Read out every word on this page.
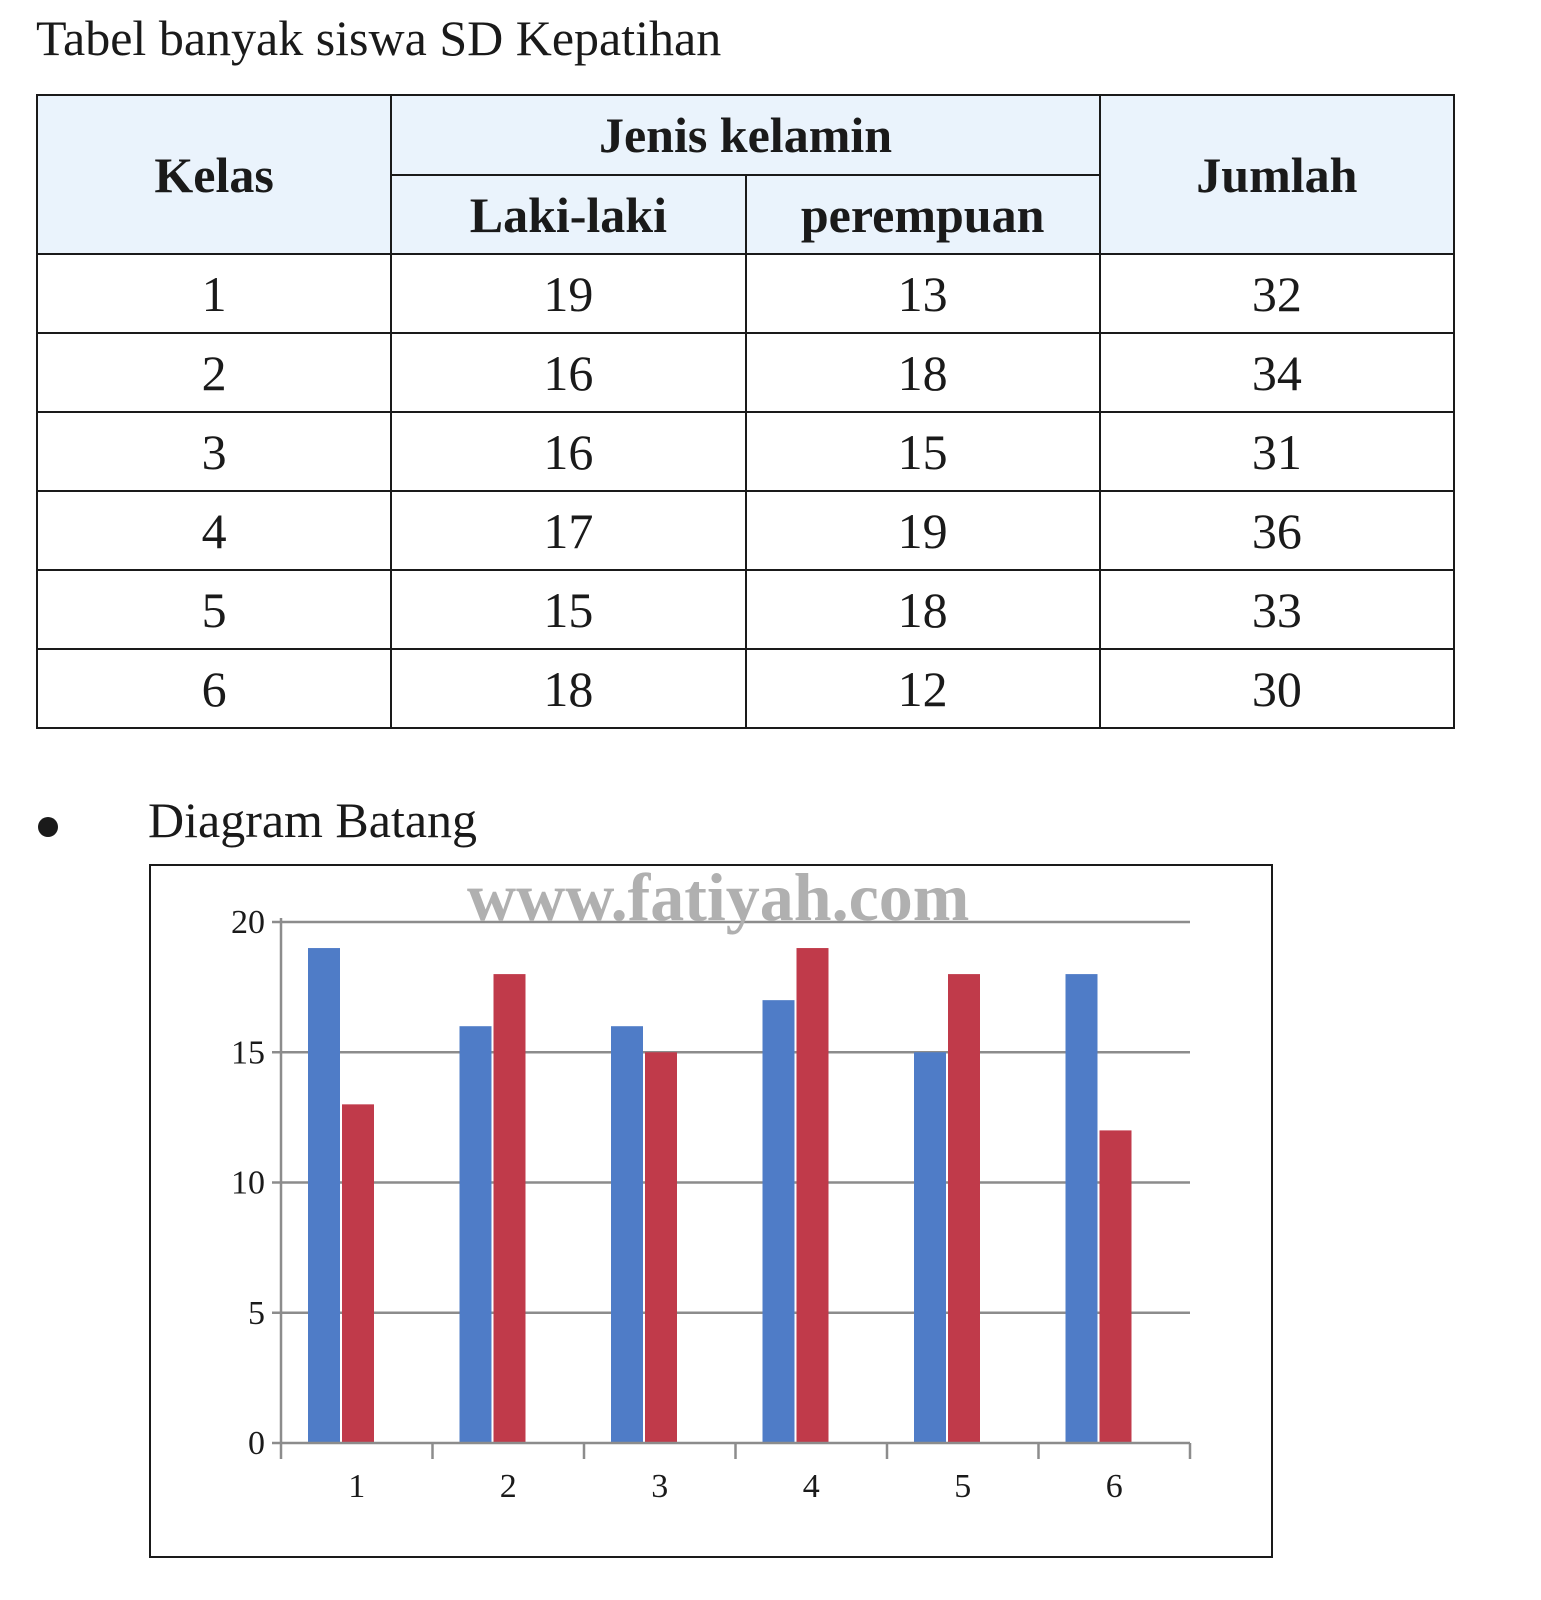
Tabel banyak siswa SD Kepatihan
Kelas	Jenis kelamin		Jumlah
	Laki-laki	perempuan	
1	19	13	32
2	16	18	34
3	16	15	31
4	17	19	36
5	15	18	33
6	18	12	30
Diagram Batang
0
5
10
15
20
1	2	3	4	5	6
www.fatiyah.com
